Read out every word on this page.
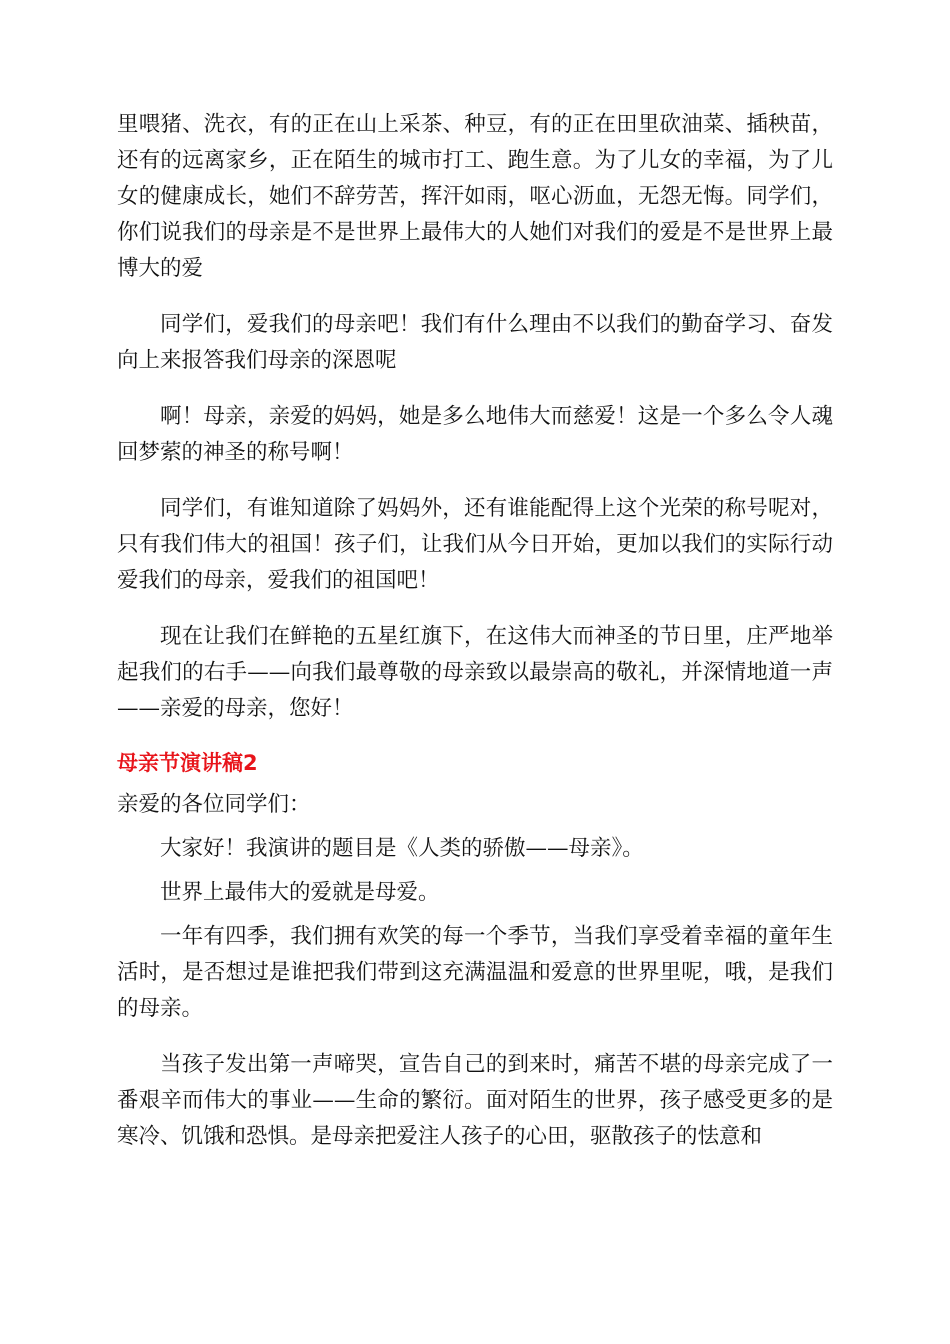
里喂猪、洗衣，有的正在山上采茶、种豆，有的正在田里砍油菜、插秧苗，还有的远离家乡，正在陌生的城市打工、跑生意。为了儿女的幸福，为了儿女的健康成长，她们不辞劳苦，挥汗如雨，呕心沥血，无怨无悔。同学们，你们说我们的母亲是不是世界上最伟大的人她们对我们的爱是不是世界上最博大的爱

同学们，爱我们的母亲吧！我们有什么理由不以我们的勤奋学习、奋发向上来报答我们母亲的深恩呢

啊！母亲，亲爱的妈妈，她是多么地伟大而慈爱！这是一个多么令人魂回梦萦的神圣的称号啊！

同学们，有谁知道除了妈妈外，还有谁能配得上这个光荣的称号呢对，只有我们伟大的祖国！孩子们，让我们从今日开始，更加以我们的实际行动爱我们的母亲，爱我们的祖国吧！

现在让我们在鲜艳的五星红旗下，在这伟大而神圣的节日里，庄严地举起我们的右手——向我们最尊敬的母亲致以最崇高的敬礼，并深情地道一声——亲爱的母亲，您好！

母亲节演讲稿2

亲爱的各位同学们：

大家好！我演讲的题目是《人类的骄傲——母亲》。

世界上最伟大的爱就是母爱。

一年有四季，我们拥有欢笑的每一个季节，当我们享受着幸福的童年生活时，是否想过是谁把我们带到这充满温温和爱意的世界里呢，哦，是我们的母亲。

当孩子发出第一声啼哭，宣告自己的到来时，痛苦不堪的母亲完成了一番艰辛而伟大的事业——生命的繁衍。面对陌生的世界，孩子感受更多的是寒冷、饥饿和恐惧。是母亲把爱注人孩子的心田，驱散孩子的怯意和
